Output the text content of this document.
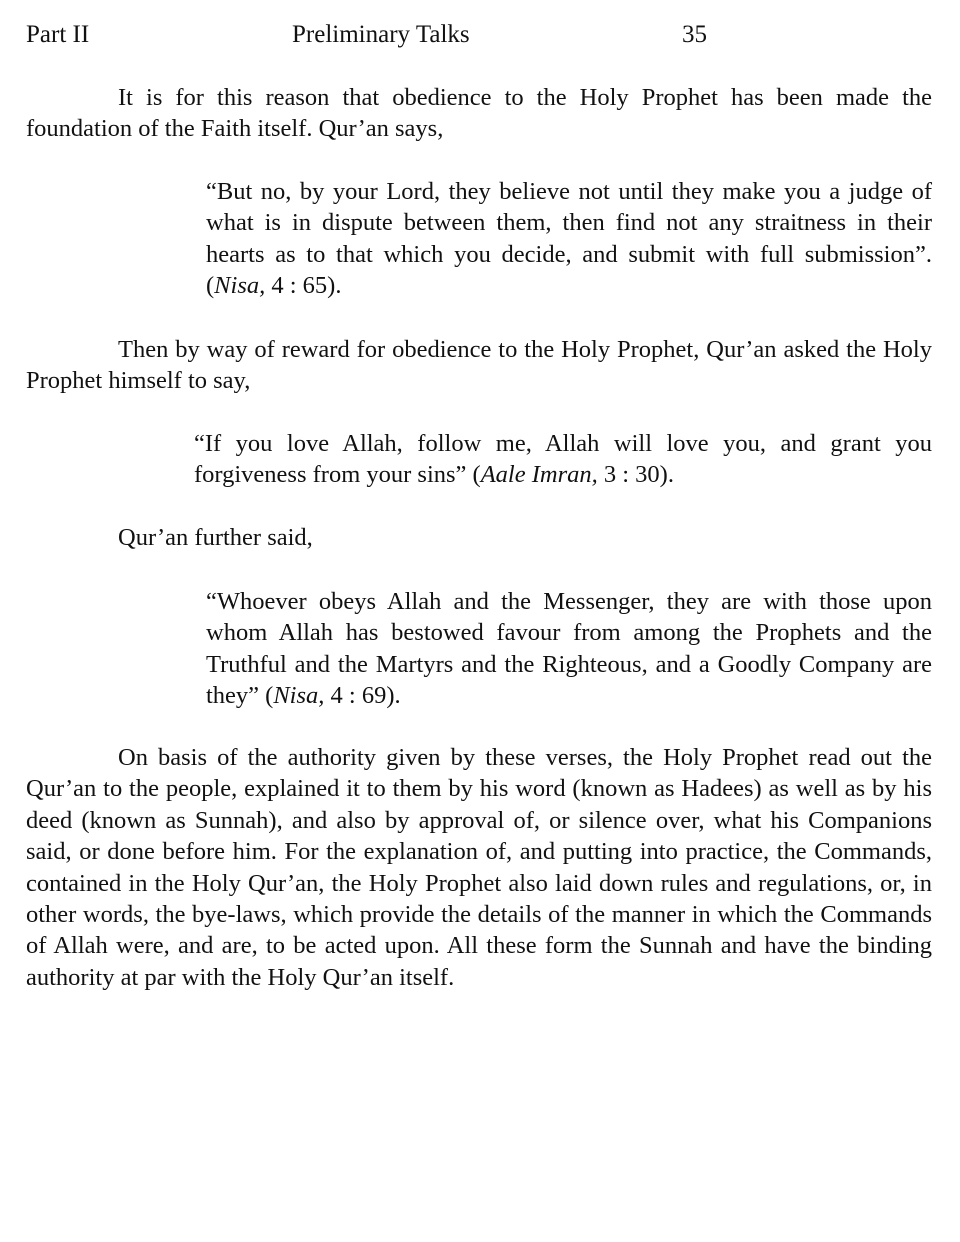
Part II	Preliminary Talks	35

It is for this reason that obedience to the Holy Prophet has been made the foundation of the Faith itself. Qur’an says,

“But no, by your Lord, they believe not until they make you a judge of what is in dispute between them, then find not any straitness in their hearts as to that which you decide, and submit with full submission”. (Nisa, 4 : 65).

Then by way of reward for obedience to the Holy Prophet, Qur’an asked the Holy Prophet himself to say,

“If you love Allah, follow me, Allah will love you, and grant you forgiveness from your sins” (Aale Imran, 3 : 30).

Qur’an further said,

“Whoever obeys Allah and the Messenger, they are with those upon whom Allah has bestowed favour from among the Prophets and the Truthful and the Martyrs and the Righteous, and a Goodly Company are they” (Nisa, 4 : 69).

On basis of the authority given by these verses, the Holy Prophet read out the Qur’an to the people, explained it to them by his word (known as Hadees) as well as by his deed (known as Sunnah), and also by approval of, or silence over, what his Companions said, or done before him. For the explanation of, and putting into practice, the Commands, contained in the Holy Qur’an, the Holy Prophet also laid down rules and regulations, or, in other words, the bye-laws, which provide the details of the manner in which the Commands of Allah were, and are, to be acted upon. All these form the Sunnah and have the binding authority at par with the Holy Qur’an itself.
